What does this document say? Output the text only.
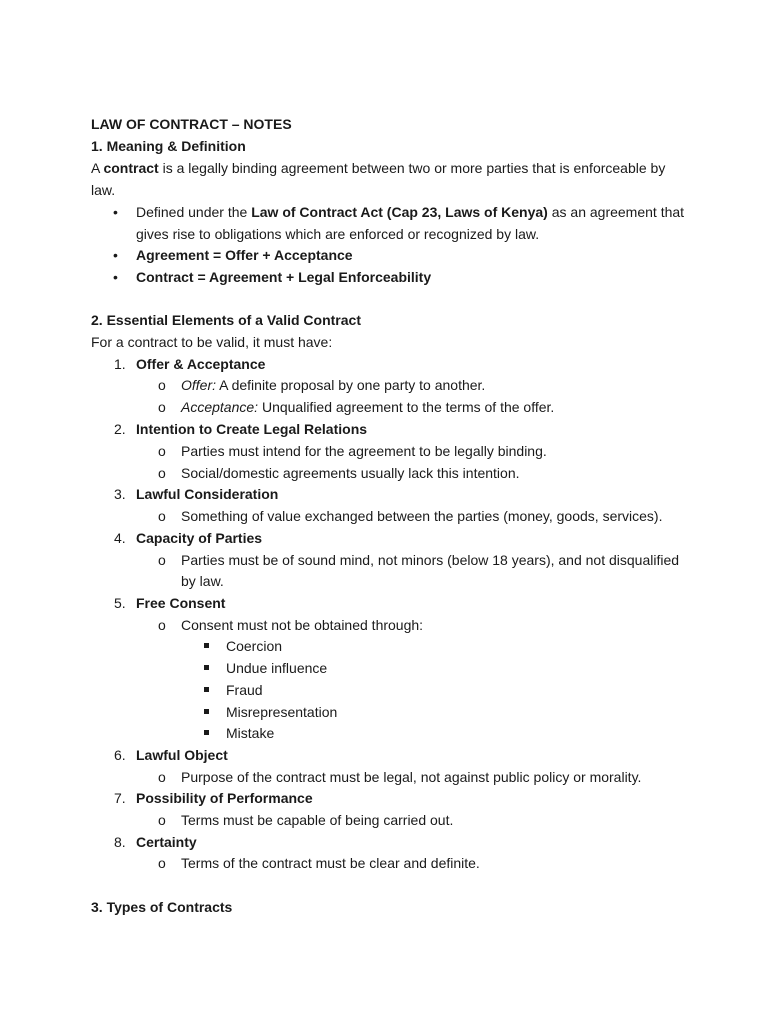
LAW OF CONTRACT – NOTES
1. Meaning & Definition
A contract is a legally binding agreement between two or more parties that is enforceable by
law.
• Defined under the Law of Contract Act (Cap 23, Laws of Kenya) as an agreement that
gives rise to obligations which are enforced or recognized by law.
• Agreement = Offer + Acceptance
• Contract = Agreement + Legal Enforceability
2. Essential Elements of a Valid Contract
For a contract to be valid, it must have:
1. Offer & Acceptance
o Offer: A definite proposal by one party to another.
o Acceptance: Unqualified agreement to the terms of the offer.
2. Intention to Create Legal Relations
o Parties must intend for the agreement to be legally binding.
o Social/domestic agreements usually lack this intention.
3. Lawful Consideration
o Something of value exchanged between the parties (money, goods, services).
4. Capacity of Parties
o Parties must be of sound mind, not minors (below 18 years), and not disqualified
by law.
5. Free Consent
o Consent must not be obtained through:
Coercion
Undue influence
Fraud
Misrepresentation
Mistake
6. Lawful Object
o Purpose of the contract must be legal, not against public policy or morality.
7. Possibility of Performance
o Terms must be capable of being carried out.
8. Certainty
o Terms of the contract must be clear and definite.
3. Types of Contracts
